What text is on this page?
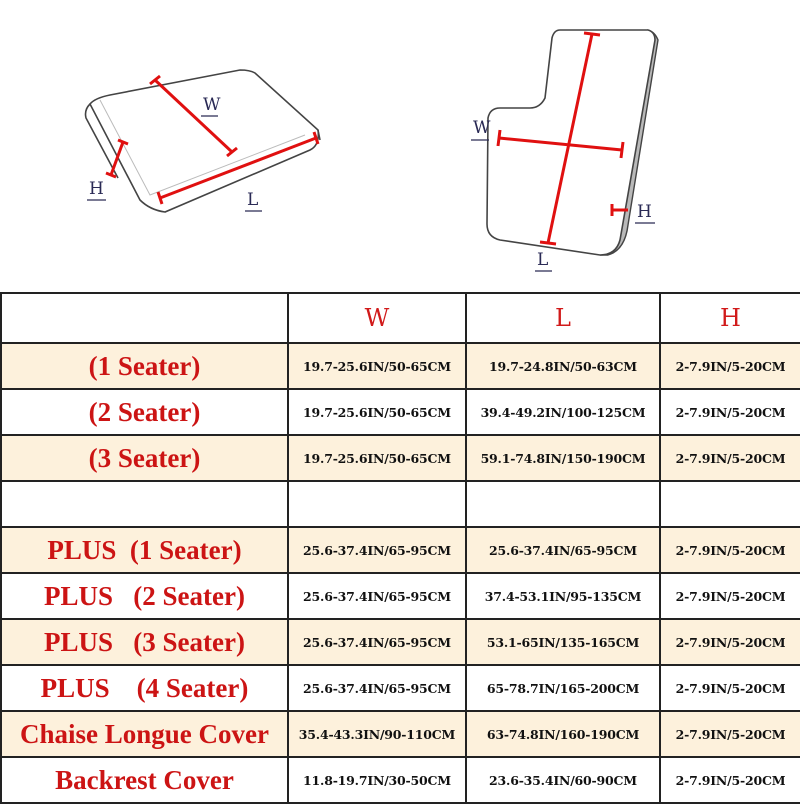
W
H
L
W
H
L
	W	L	H
(1 Seater)	19.7-25.6IN/50-65CM	19.7-24.8IN/50-63CM	2-7.9IN/5-20CM
(2 Seater)	19.7-25.6IN/50-65CM	39.4-49.2IN/100-125CM	2-7.9IN/5-20CM
(3 Seater)	19.7-25.6IN/50-65CM	59.1-74.8IN/150-190CM	2-7.9IN/5-20CM

PLUS  (1 Seater)	25.6-37.4IN/65-95CM	25.6-37.4IN/65-95CM	2-7.9IN/5-20CM
PLUS   (2 Seater)	25.6-37.4IN/65-95CM	37.4-53.1IN/95-135CM	2-7.9IN/5-20CM
PLUS   (3 Seater)	25.6-37.4IN/65-95CM	53.1-65IN/135-165CM	2-7.9IN/5-20CM
PLUS    (4 Seater)	25.6-37.4IN/65-95CM	65-78.7IN/165-200CM	2-7.9IN/5-20CM
Chaise Longue Cover	35.4-43.3IN/90-110CM	63-74.8IN/160-190CM	2-7.9IN/5-20CM
Backrest Cover	11.8-19.7IN/30-50CM	23.6-35.4IN/60-90CM	2-7.9IN/5-20CM
